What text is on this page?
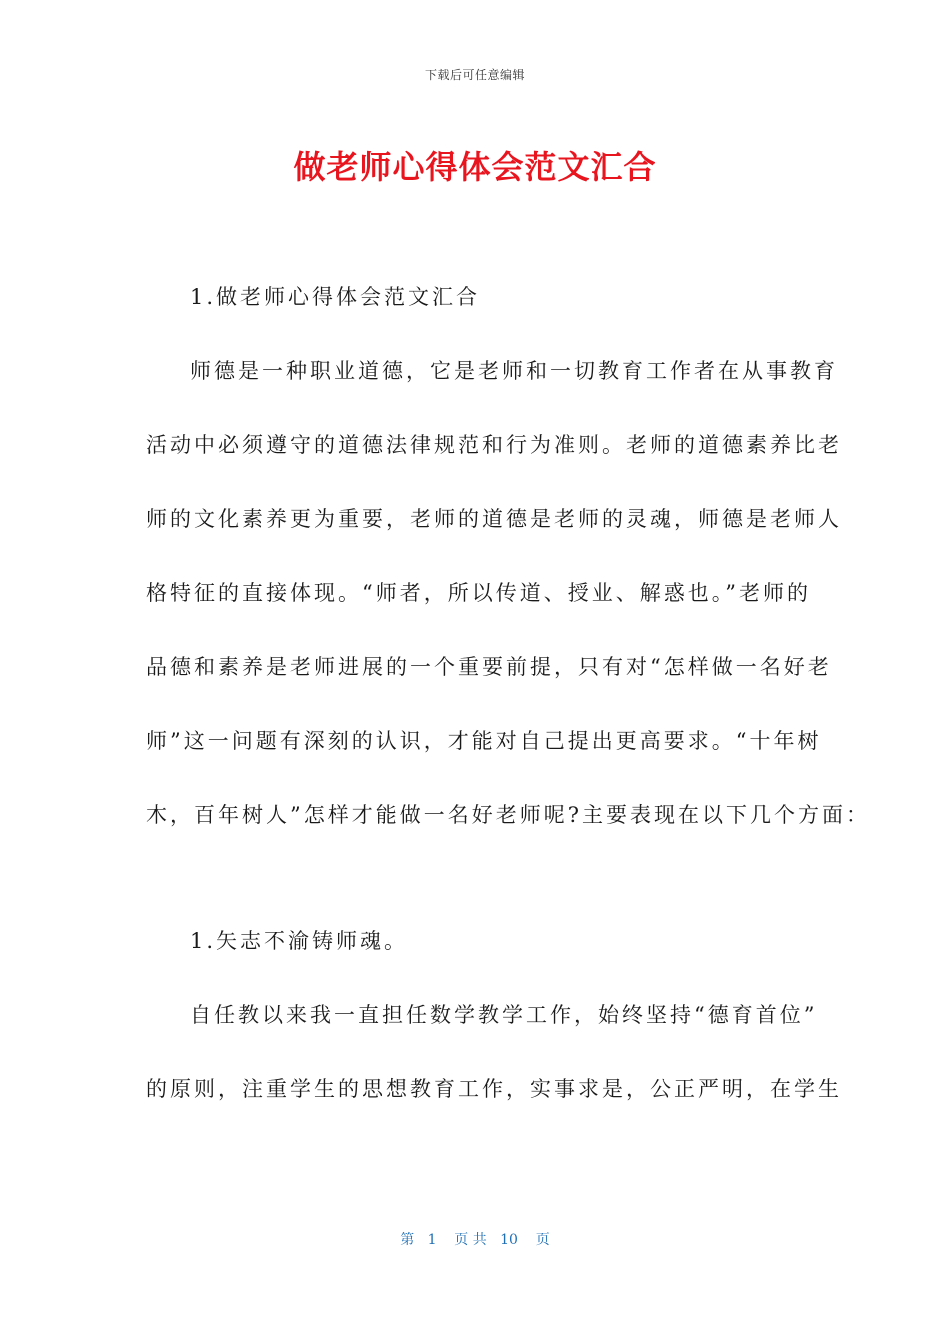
下载后可任意编辑
做老师心得体会范文汇合
1.做老师心得体会范文汇合
师德是一种职业道德，它是老师和一切教育工作者在从事教育
活动中必须遵守的道德法律规范和行为准则。老师的道德素养比老
师的文化素养更为重要，老师的道德是老师的灵魂，师德是老师人
格特征的直接体现。“师者，所以传道、授业、解惑也。”老师的
品德和素养是老师进展的一个重要前提，只有对“怎样做一名好老
师”这一问题有深刻的认识，才能对自己提出更高要求。“十年树
木，百年树人”怎样才能做一名好老师呢?主要表现在以下几个方面：
1.矢志不渝铸师魂。
自任教以来我一直担任数学教学工作，始终坚持“德育首位”
的原则，注重学生的思想教育工作，实事求是，公正严明，在学生
第   1    页 共   10    页
